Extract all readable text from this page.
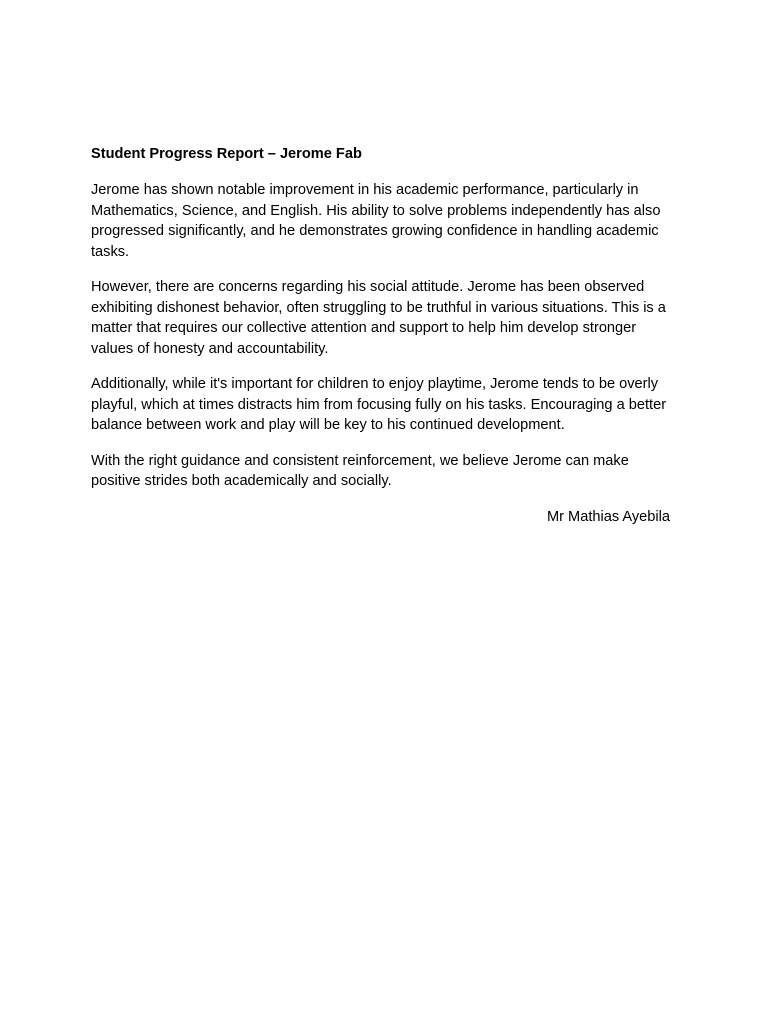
Student Progress Report – Jerome Fab

Jerome has shown notable improvement in his academic performance, particularly in Mathematics, Science, and English. His ability to solve problems independently has also progressed significantly, and he demonstrates growing confidence in handling academic tasks.

However, there are concerns regarding his social attitude. Jerome has been observed exhibiting dishonest behavior, often struggling to be truthful in various situations. This is a matter that requires our collective attention and support to help him develop stronger values of honesty and accountability.

Additionally, while it's important for children to enjoy playtime, Jerome tends to be overly playful, which at times distracts him from focusing fully on his tasks. Encouraging a better balance between work and play will be key to his continued development.

With the right guidance and consistent reinforcement, we believe Jerome can make positive strides both academically and socially.

Mr Mathias Ayebila
